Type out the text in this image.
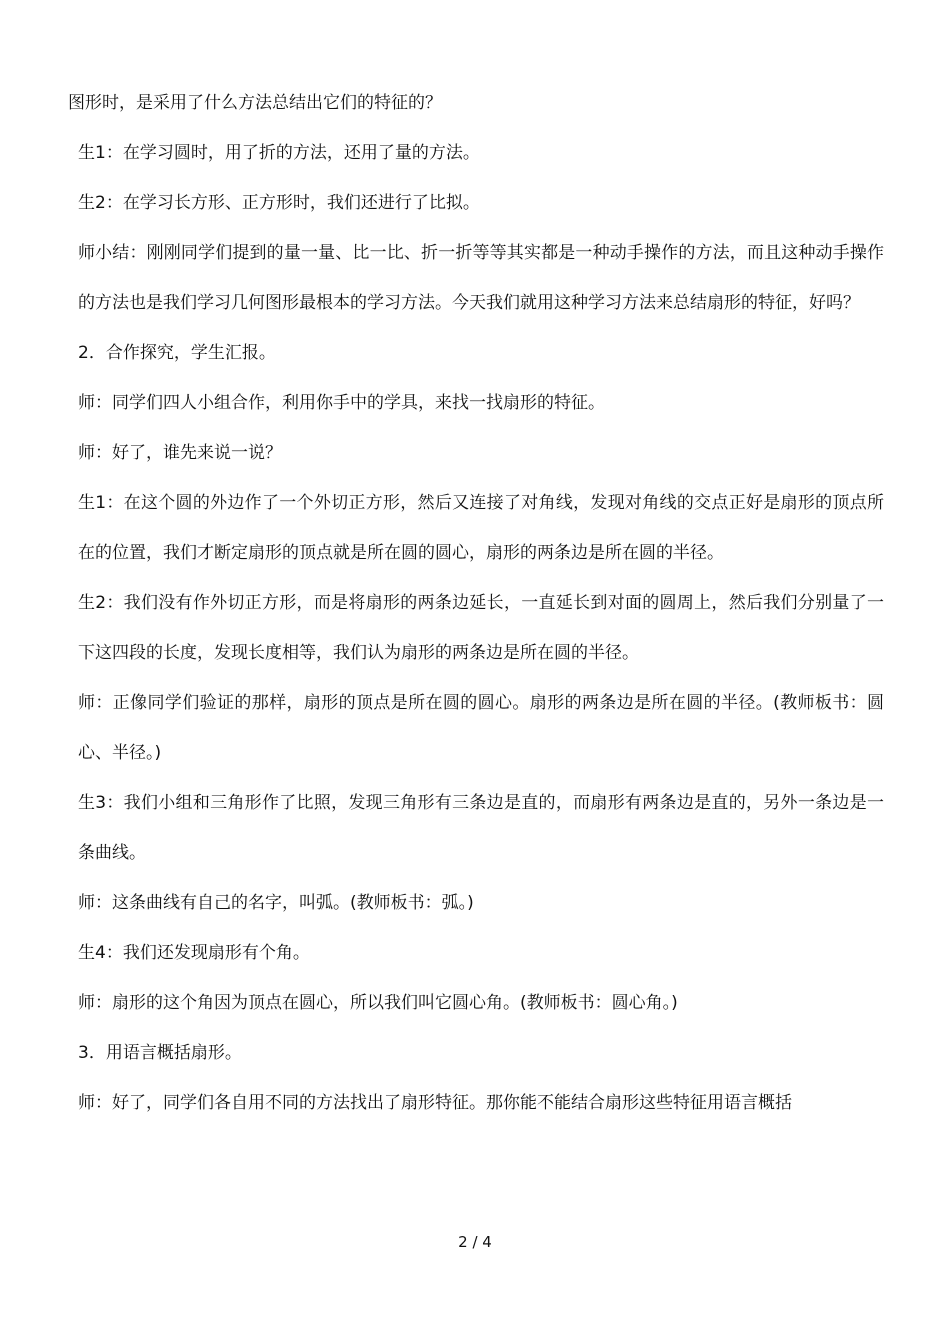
图形时，是采用了什么方法总结出它们的特征的？

生1：在学习圆时，用了折的方法，还用了量的方法。

生2：在学习长方形、正方形时，我们还进行了比拟。

师小结：刚刚同学们提到的量一量、比一比、折一折等等其实都是一种动手操作的方法，而且这种动手操作的方法也是我们学习几何图形最根本的学习方法。今天我们就用这种学习方法来总结扇形的特征，好吗？

2．合作探究，学生汇报。

师：同学们四人小组合作，利用你手中的学具，来找一找扇形的特征。

师：好了，谁先来说一说？

生1：在这个圆的外边作了一个外切正方形，然后又连接了对角线，发现对角线的交点正好是扇形的顶点所在的位置，我们才断定扇形的顶点就是所在圆的圆心，扇形的两条边是所在圆的半径。

生2：我们没有作外切正方形，而是将扇形的两条边延长，一直延长到对面的圆周上，然后我们分别量了一下这四段的长度，发现长度相等，我们认为扇形的两条边是所在圆的半径。

师：正像同学们验证的那样，扇形的顶点是所在圆的圆心。扇形的两条边是所在圆的半径。(教师板书：圆心、半径。)

生3：我们小组和三角形作了比照，发现三角形有三条边是直的，而扇形有两条边是直的，另外一条边是一条曲线。

师：这条曲线有自己的名字，叫弧。(教师板书：弧。)

生4：我们还发现扇形有个角。

师：扇形的这个角因为顶点在圆心，所以我们叫它圆心角。(教师板书：圆心角。)

3．用语言概括扇形。

师：好了，同学们各自用不同的方法找出了扇形特征。那你能不能结合扇形这些特征用语言概括

2 / 4
